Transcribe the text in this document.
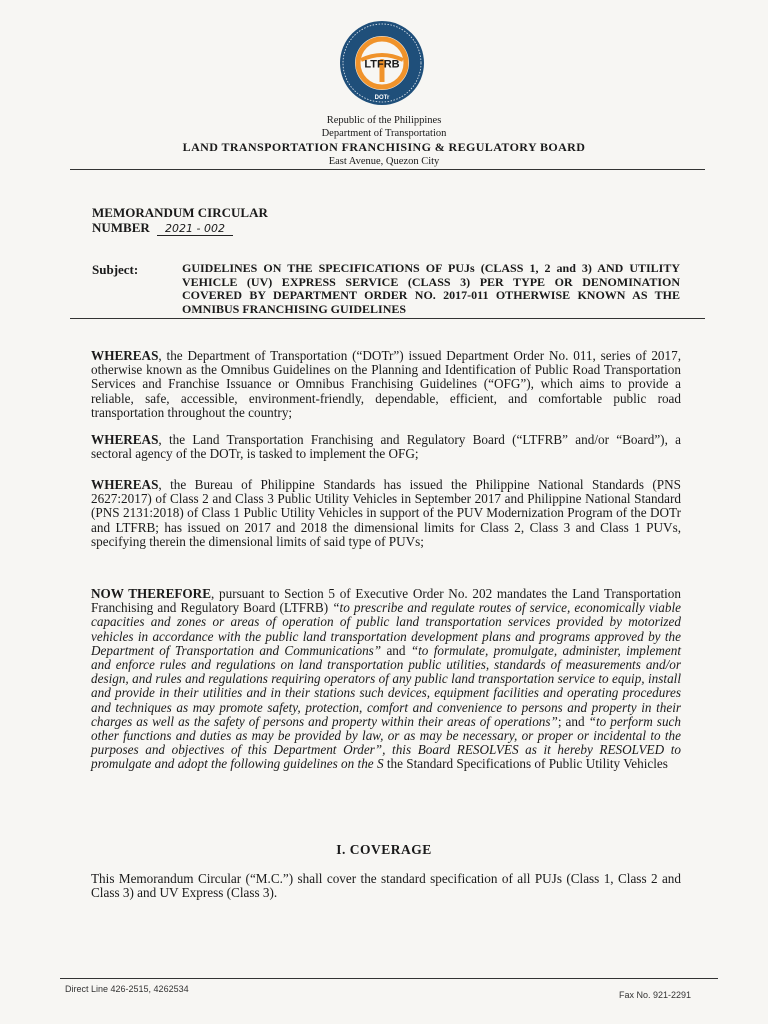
LTFRB
DOTr
Republic of the Philippines
Department of Transportation
LAND TRANSPORTATION FRANCHISING & REGULATORY BOARD
East Avenue, Quezon City
MEMORANDUM CIRCULAR
NUMBER 2021 - 002
Subject:	GUIDELINES ON THE SPECIFICATIONS OF PUJs (CLASS 1, 2 and 3) AND UTILITY VEHICLE (UV) EXPRESS SERVICE (CLASS 3) PER TYPE OR DENOMINATION COVERED BY DEPARTMENT ORDER NO. 2017-011 OTHERWISE KNOWN AS THE OMNIBUS FRANCHISING GUIDELINES
WHEREAS, the Department of Transportation (“DOTr”) issued Department Order No. 011, series of 2017, otherwise known as the Omnibus Guidelines on the Planning and Identification of Public Road Transportation Services and Franchise Issuance or Omnibus Franchising Guidelines (“OFG”), which aims to provide a reliable, safe, accessible, environment-friendly, dependable, efficient, and comfortable public road transportation throughout the country;
WHEREAS, the Land Transportation Franchising and Regulatory Board (“LTFRB” and/or “Board”), a sectoral agency of the DOTr, is tasked to implement the OFG;
WHEREAS, the Bureau of Philippine Standards has issued the Philippine National Standards (PNS 2627:2017) of Class 2 and Class 3 Public Utility Vehicles in September 2017 and Philippine National Standard (PNS 2131:2018) of Class 1 Public Utility Vehicles in support of the PUV Modernization Program of the DOTr and LTFRB; has issued on 2017 and 2018 the dimensional limits for Class 2, Class 3 and Class 1 PUVs, specifying therein the dimensional limits of said type of PUVs;
NOW THEREFORE, pursuant to Section 5 of Executive Order No. 202 mandates the Land Transportation Franchising and Regulatory Board (LTFRB) “to prescribe and regulate routes of service, economically viable capacities and zones or areas of operation of public land transportation services provided by motorized vehicles in accordance with the public land transportation development plans and programs approved by the Department of Transportation and Communications” and “to formulate, promulgate, administer, implement and enforce rules and regulations on land transportation public utilities, standards of measurements and/or design, and rules and regulations requiring operators of any public land transportation service to equip, install and provide in their utilities and in their stations such devices, equipment facilities and operating procedures and techniques as may promote safety, protection, comfort and convenience to persons and property in their charges as well as the safety of persons and property within their areas of operations”; and “to perform such other functions and duties as may be provided by law, or as may be necessary, or proper or incidental to the purposes and objectives of this Department Order”, this Board RESOLVES as it hereby RESOLVED to promulgate and adopt the following guidelines on the S the Standard Specifications of Public Utility Vehicles
I. COVERAGE
This Memorandum Circular (“M.C.”) shall cover the standard specification of all PUJs (Class 1, Class 2 and Class 3) and UV Express (Class 3).
Direct Line 426-2515, 4262534
Fax No. 921-2291
